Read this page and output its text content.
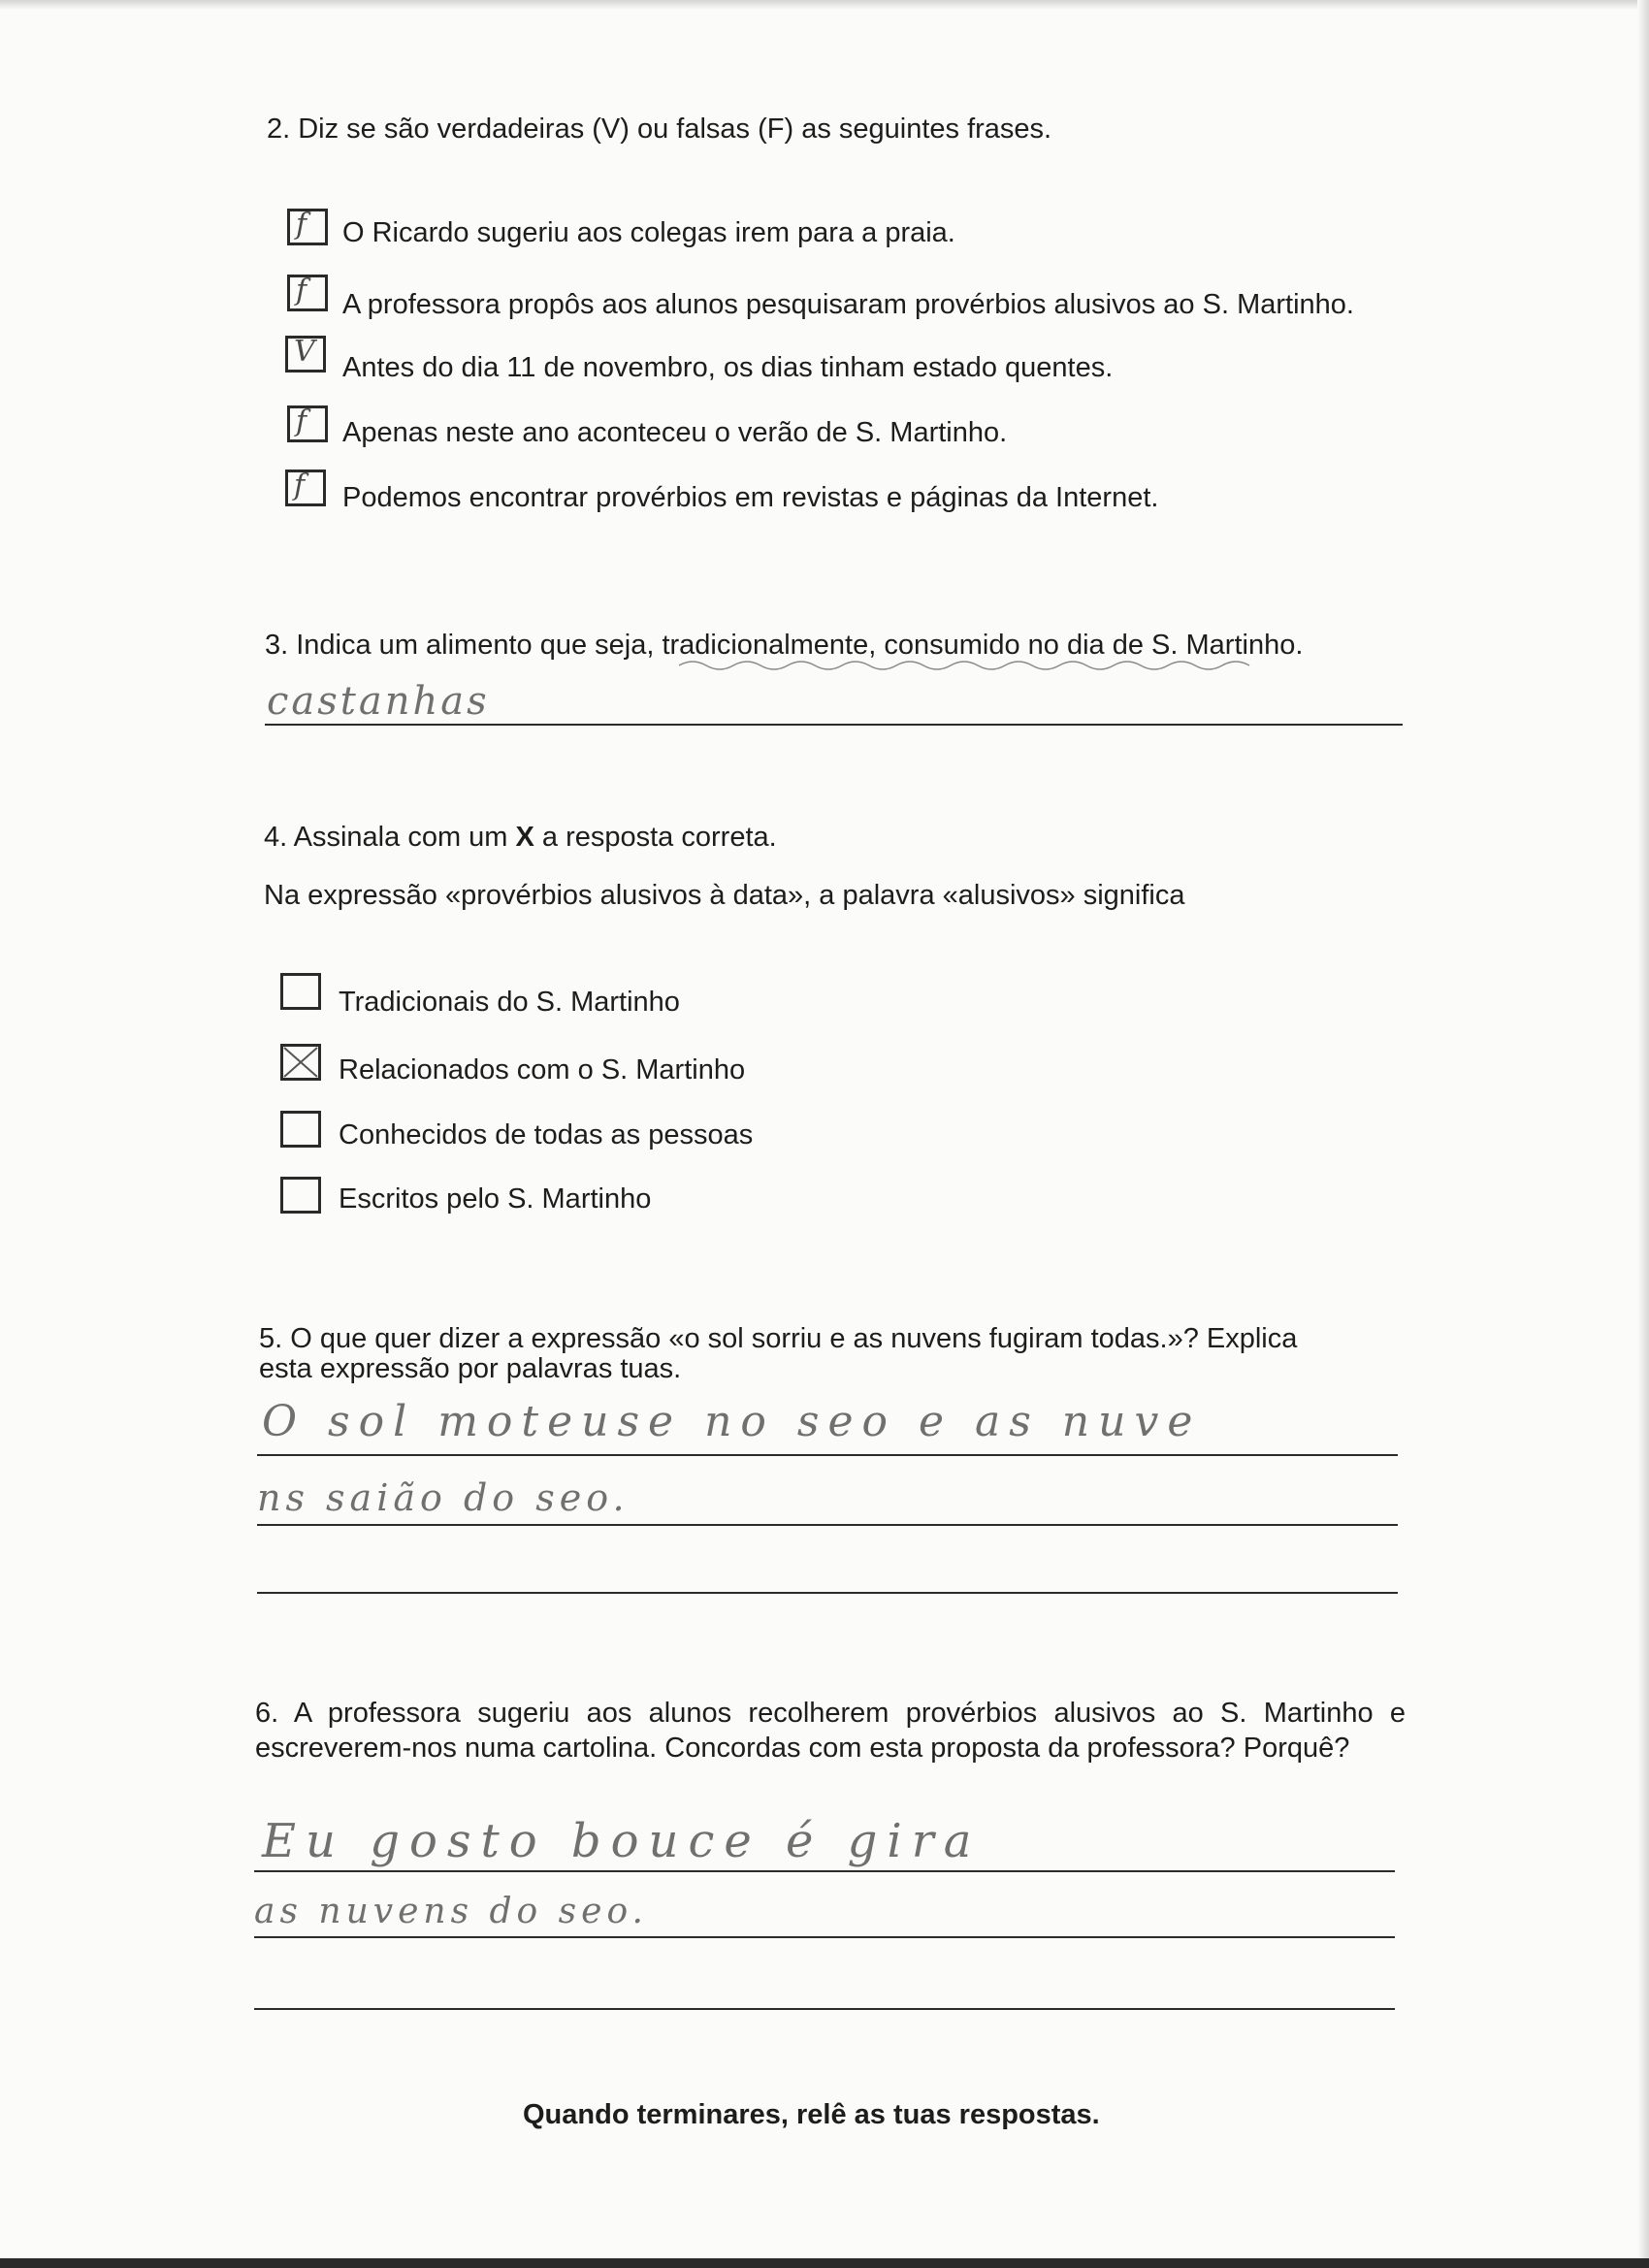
2. Diz se são verdadeiras (V) ou falsas (F) as seguintes frases.

f O Ricardo sugeriu aos colegas irem para a praia.
f A professora propôs aos alunos pesquisaram provérbios alusivos ao S. Martinho.
V Antes do dia 11 de novembro, os dias tinham estado quentes.
f Apenas neste ano aconteceu o verão de S. Martinho.
f Podemos encontrar provérbios em revistas e páginas da Internet.

3. Indica um alimento que seja, tradicionalmente, consumido no dia de S. Martinho.

castanhas

4. Assinala com um X a resposta correta.

Na expressão «provérbios alusivos à data», a palavra «alusivos» significa
Tradicionais do S. Martinho
Relacionados com o S. Martinho
Conhecidos de todas as pessoas
Escritos pelo S. Martinho

5. O que quer dizer a expressão «o sol sorriu e as nuvens fugiram todas.»? Explica

esta expressão por palavras tuas.

O sol moteuse no seo e as nuve
ns saião do seo.

6. A professora sugeriu aos alunos recolherem provérbios alusivos ao S. Martinho e escreverem-nos numa cartolina. Concordas com esta proposta da professora? Porquê?

Eu gosto bouce é gira
as nuvens do seo.
Quando terminares, relê as tuas respostas.
